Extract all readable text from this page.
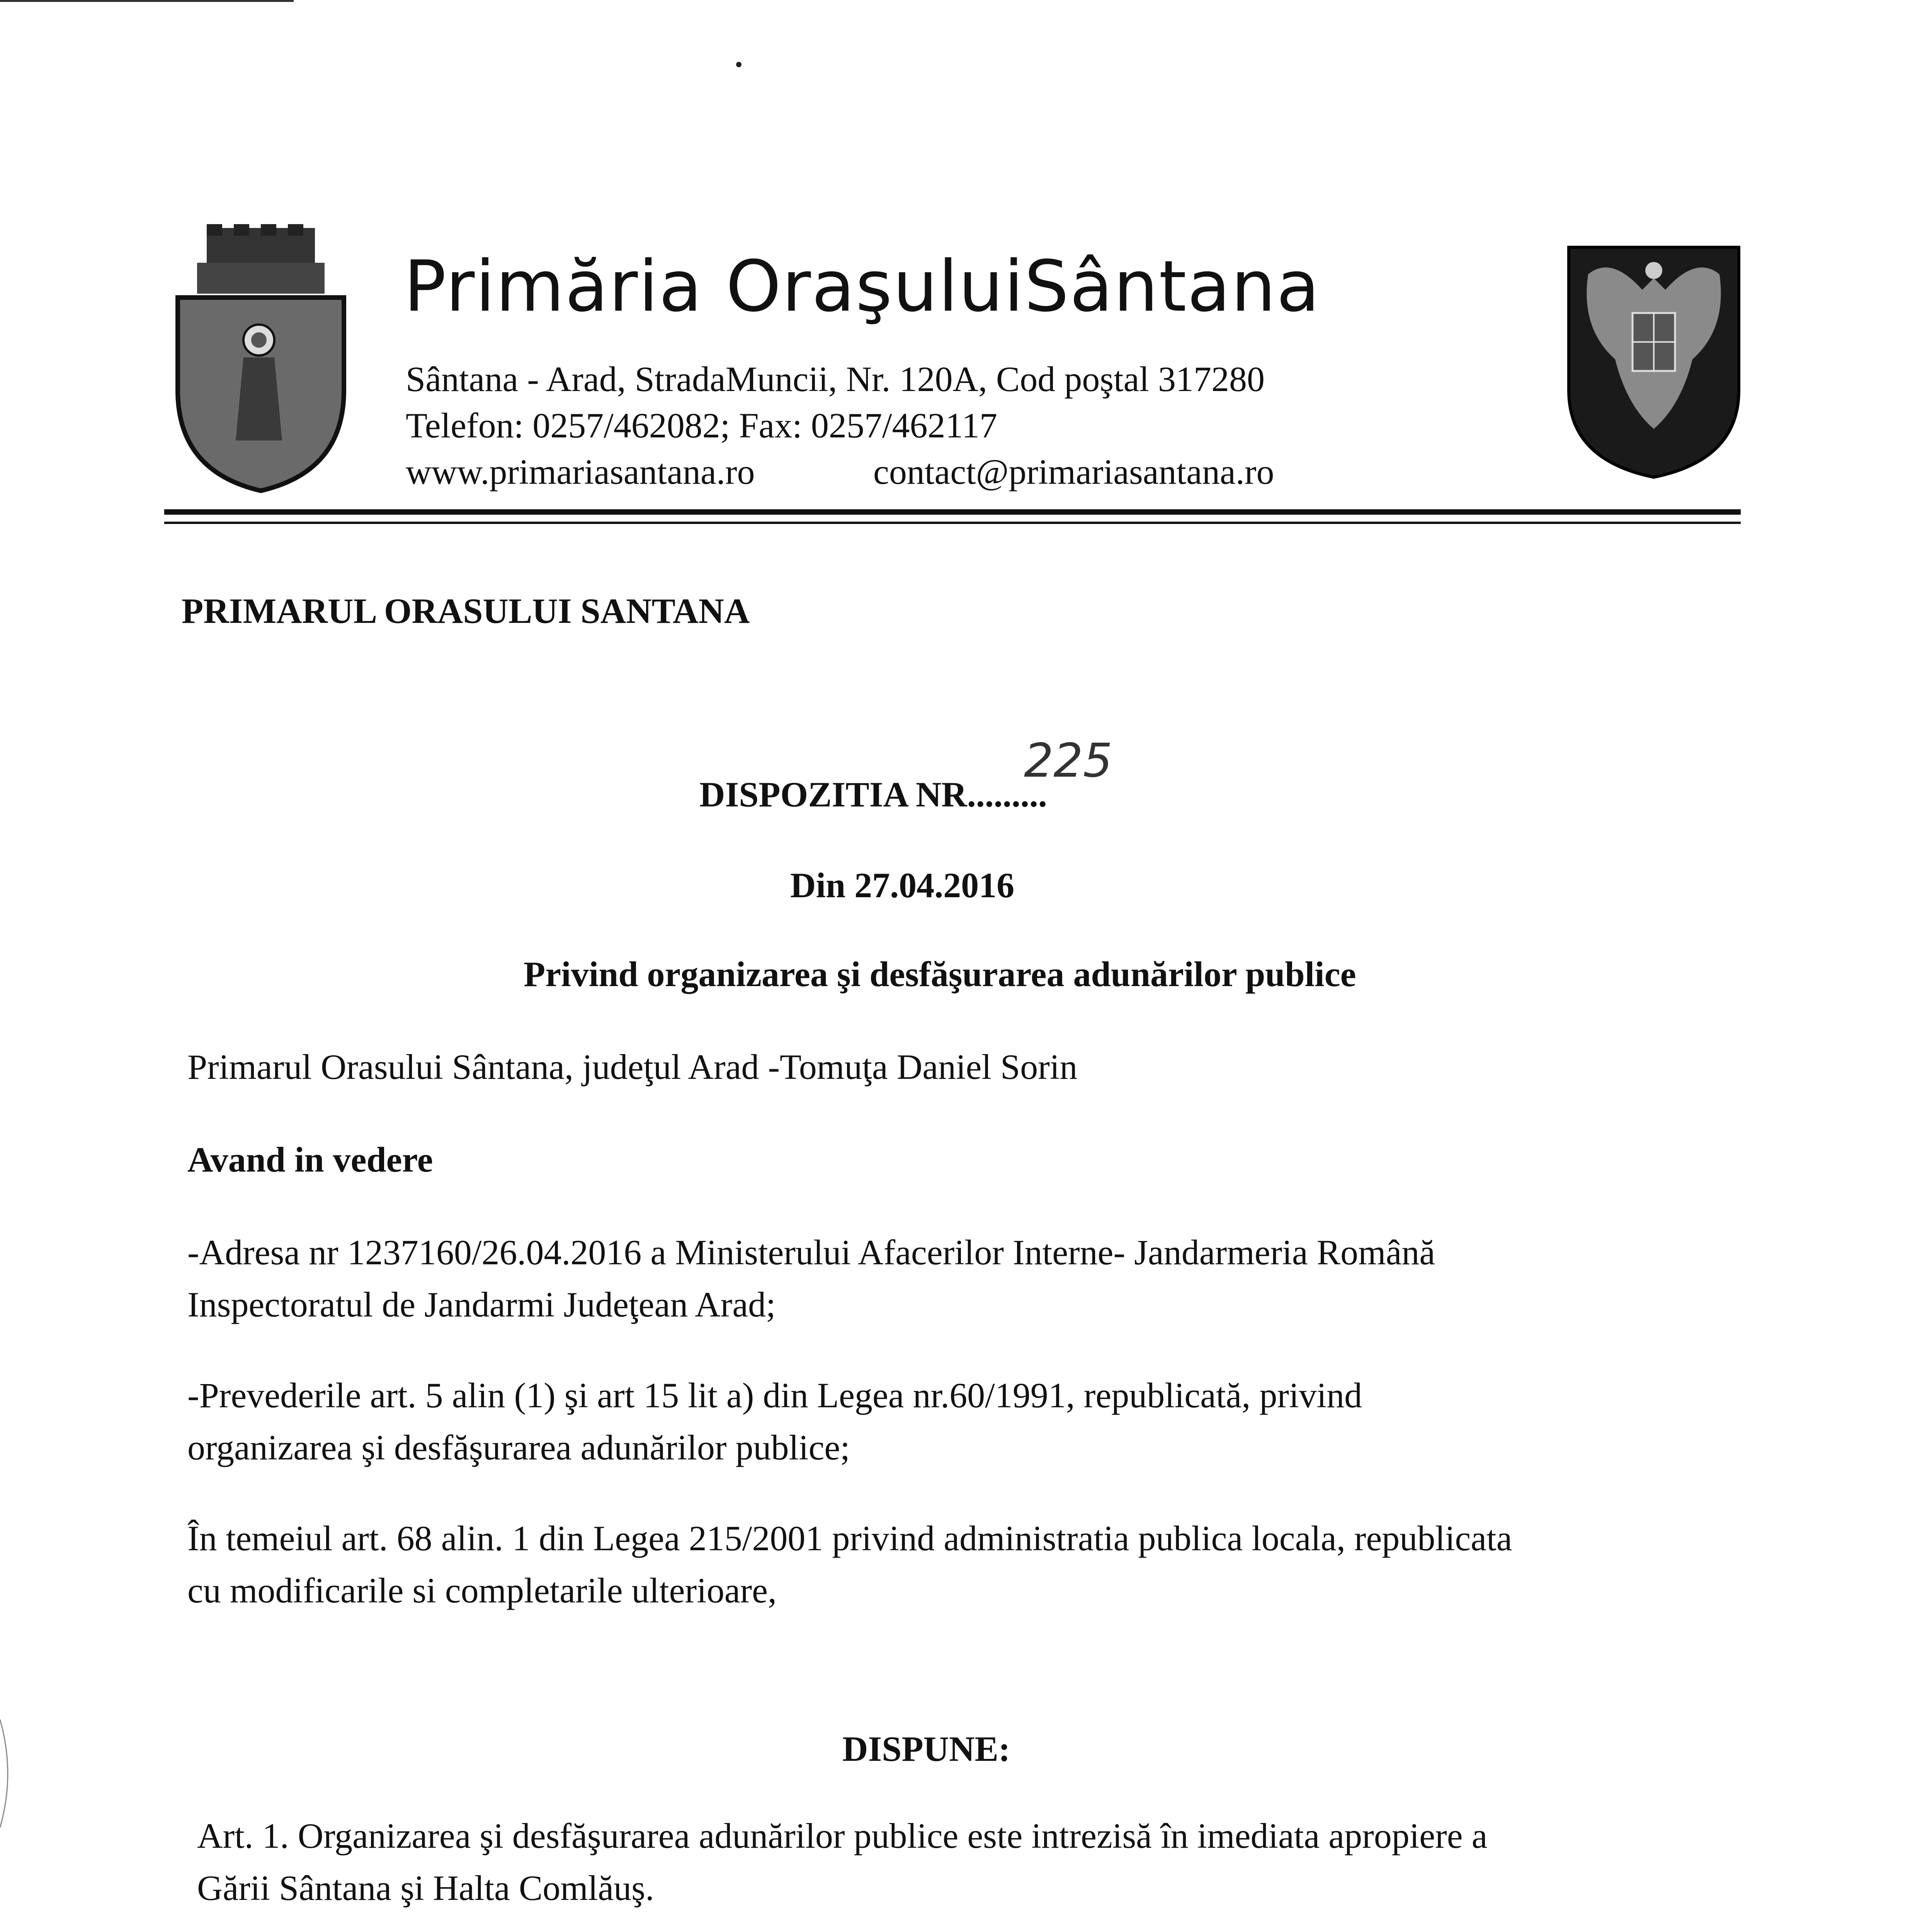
Primăria OraşuluiSântana
Sântana - Arad, StradaMuncii, Nr. 120A, Cod poştal 317280
Telefon: 0257/462082; Fax: 0257/462117
www.primariasantana.ro	contact@primariasantana.ro
PRIMARUL ORASULUI SANTANA
DISPOZITIA NR.........
225
Din 27.04.2016
Privind organizarea şi desfăşurarea adunărilor publice
Primarul Orasului Sântana, judeţul Arad -Tomuţa Daniel Sorin
Avand in vedere
-Adresa nr 1237160/26.04.2016 a Ministerului Afacerilor Interne- Jandarmeria Română
Inspectoratul de Jandarmi Judeţean Arad;
-Prevederile art. 5 alin (1) şi art 15 lit a) din Legea nr.60/1991, republicată, privind
organizarea şi desfăşurarea adunărilor publice;
În temeiul art. 68 alin. 1 din Legea 215/2001 privind administratia publica locala, republicata
cu modificarile si completarile ulterioare,
DISPUNE:
Art. 1. Organizarea şi desfăşurarea adunărilor publice este intrezisă în imediata apropiere a
Gării Sântana şi Halta Comlăuş.
